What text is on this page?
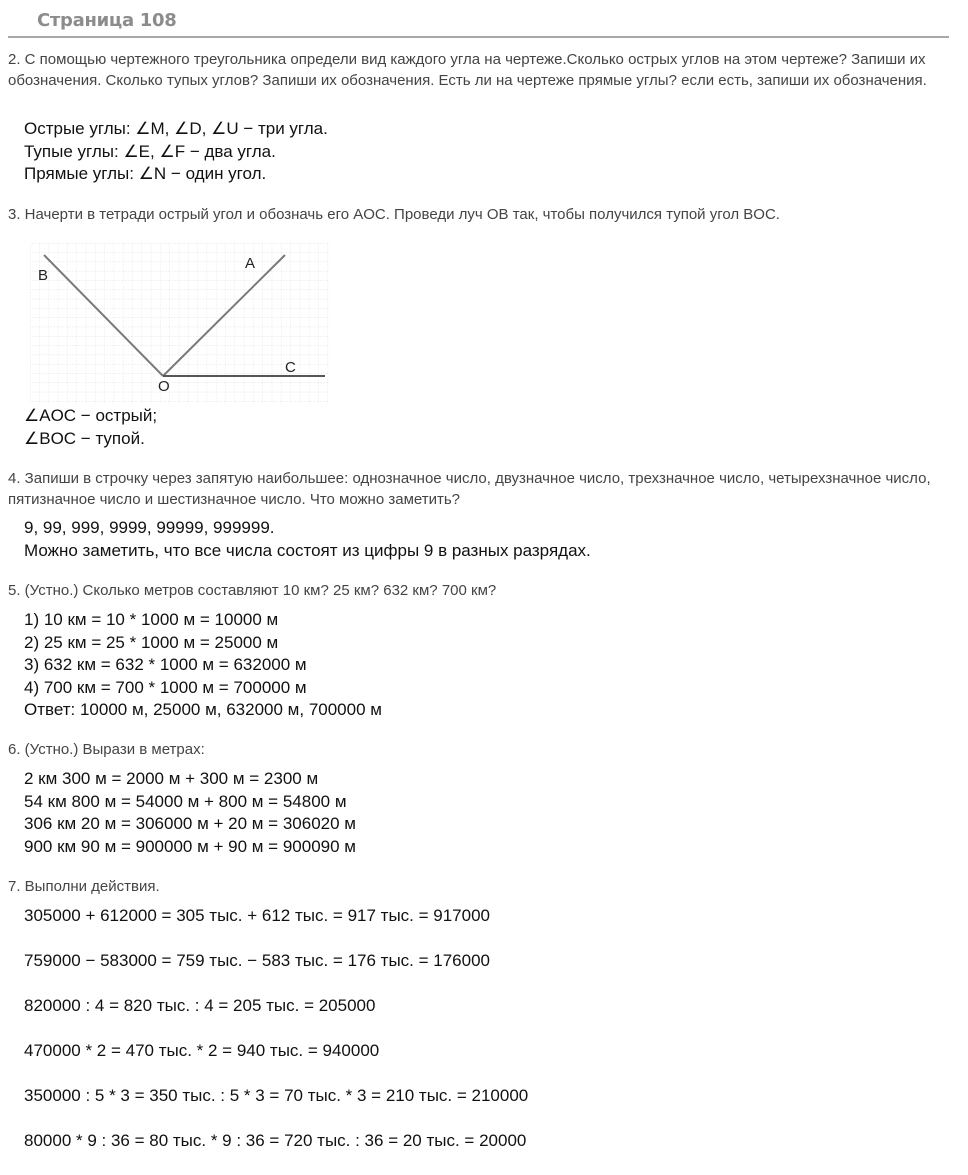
Страница 108
2. С помощью чертежного треугольника определи вид каждого угла на чертеже.Сколько острых углов на этом чертеже? Запиши их обозначения. Сколько тупых углов? Запиши их обозначения. Есть ли на чертеже прямые углы? если есть, запиши их обозначения.
Острые углы: ∠M, ∠D, ∠U − три угла.
Тупые углы: ∠E, ∠F − два угла.
Прямые углы: ∠N − один угол.
3. Начерти в тетради острый угол и обозначь его AOC. Проведи луч OB так, чтобы получился тупой угол BOC.
B
A
O
C
∠AOC − острый;
∠BOC − тупой.
4. Запиши в строчку через запятую наибольшее: однозначное число, двузначное число, трехзначное число, четырехзначное число, пятизначное число и шестизначное число. Что можно заметить?
9, 99, 999, 9999, 99999, 999999.
Можно заметить, что все числа состоят из цифры 9 в разных разрядах.
5. (Устно.) Сколько метров составляют 10 км? 25 км? 632 км? 700 км?
1) 10 км = 10 * 1000 м = 10000 м
2) 25 км = 25 * 1000 м = 25000 м
3) 632 км = 632 * 1000 м = 632000 м
4) 700 км = 700 * 1000 м = 700000 м
Ответ: 10000 м, 25000 м, 632000 м, 700000 м
6. (Устно.) Вырази в метрах:
2 км 300 м = 2000 м + 300 м = 2300 м
54 км 800 м = 54000 м + 800 м = 54800 м
306 км 20 м = 306000 м + 20 м = 306020 м
900 км 90 м = 900000 м + 90 м = 900090 м
7. Выполни действия.
305000 + 612000 = 305 тыс. + 612 тыс. = 917 тыс. = 917000
759000 − 583000 = 759 тыс. − 583 тыс. = 176 тыс. = 176000
820000 : 4 = 820 тыс. : 4 = 205 тыс. = 205000
470000 * 2 = 470 тыс. * 2 = 940 тыс. = 940000
350000 : 5 * 3 = 350 тыс. : 5 * 3 = 70 тыс. * 3 = 210 тыс. = 210000
80000 * 9 : 36 = 80 тыс. * 9 : 36 = 720 тыс. : 36 = 20 тыс. = 20000
